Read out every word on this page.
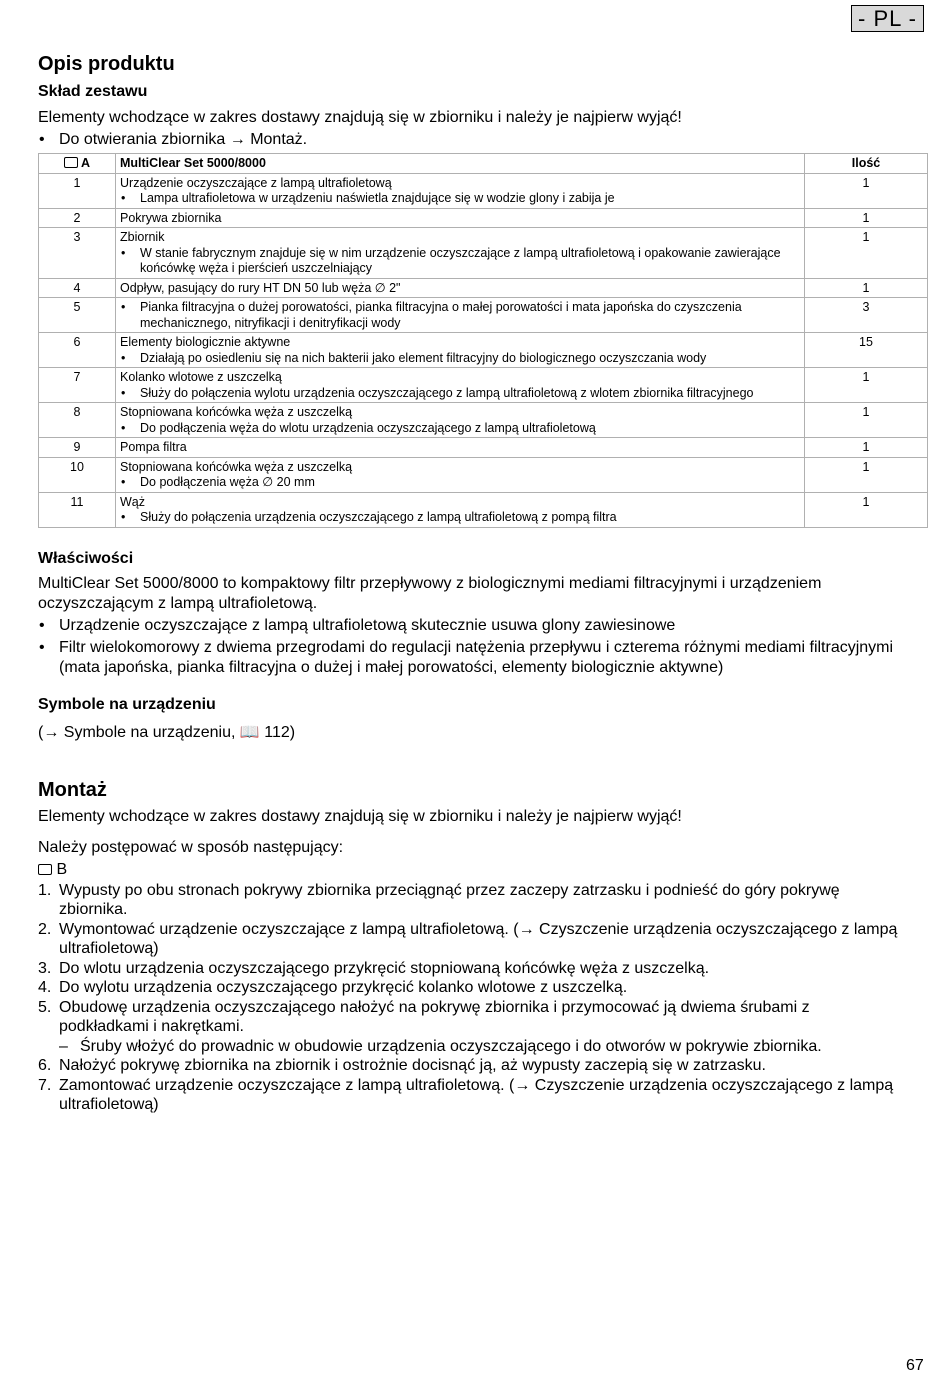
- PL -
Opis produktu
Skład zestawu

Elementy wchodzące w zakres dostawy znajdują się w zbiorniku i należy je najpierw wyjąć!

• Do otwierania zbiornika → Montaż.
A	MultiClear Set 5000/8000	Ilość
1	Urządzenie oczyszczające z lampą ultrafioletową
• Lampa ultrafioletowa w urządzeniu naświetla znajdujące się w wodzie glony i zabija je	1
2	Pokrywa zbiornika	1
3	Zbiornik
• W stanie fabrycznym znajduje się w nim urządzenie oczyszczające z lampą ultrafioletową i opakowanie zawierające końcówkę węża i pierścień uszczelniający	1
4	Odpływ, pasujący do rury HT DN 50 lub węża ∅ 2"	1
5	• Pianka filtracyjna o dużej porowatości, pianka filtracyjna o małej porowatości i mata japońska do czyszczenia mechanicznego, nitryfikacji i denitryfikacji wody	3
6	Elementy biologicznie aktywne
• Działają po osiedleniu się na nich bakterii jako element filtracyjny do biologicznego oczyszczania wody	15
7	Kolanko wlotowe z uszczelką
• Służy do połączenia wylotu urządzenia oczyszczającego z lampą ultrafioletową z wlotem zbiornika filtracyjnego	1
8	Stopniowana końcówka węża z uszczelką
• Do podłączenia węża do wlotu urządzenia oczyszczającego z lampą ultrafioletową	1
9	Pompa filtra	1
10	Stopniowana końcówka węża z uszczelką
• Do podłączenia węża ∅ 20 mm	1
11	Wąż
• Służy do połączenia urządzenia oczyszczającego z lampą ultrafioletową z pompą filtra	1
Właściwości

MultiClear Set 5000/8000 to kompaktowy filtr przepływowy z biologicznymi mediami filtracyjnymi i urządzeniem oczyszczającym z lampą ultrafioletową.

• Urządzenie oczyszczające z lampą ultrafioletową skutecznie usuwa glony zawiesinowe
• Filtr wielokomorowy z dwiema przegrodami do regulacji natężenia przepływu i czterema różnymi mediami filtracyjnymi (mata japońska, pianka filtracyjna o dużej i małej porowatości, elementy biologicznie aktywne)
Symbole na urządzeniu

(→ Symbole na urządzeniu, 📖 112)

Montaż

Elementy wchodzące w zakres dostawy znajdują się w zbiorniku i należy je najpierw wyjąć!

Należy postępować w sposób następujący:

B

1. Wypusty po obu stronach pokrywy zbiornika przeciągnąć przez zaczepy zatrzasku i podnieść do góry pokrywę zbiornika.
2. Wymontować urządzenie oczyszczające z lampą ultrafioletową. (→ Czyszczenie urządzenia oczyszczającego z lampą ultrafioletową)
3. Do wlotu urządzenia oczyszczającego przykręcić stopniowaną końcówkę węża z uszczelką.
4. Do wylotu urządzenia oczyszczającego przykręcić kolanko wlotowe z uszczelką.
5. Obudowę urządzenia oczyszczającego nałożyć na pokrywę zbiornika i przymocować ją dwiema śrubami z podkładkami i nakrętkami.
– Śruby włożyć do prowadnic w obudowie urządzenia oczyszczającego i do otworów w pokrywie zbiornika.
6. Nałożyć pokrywę zbiornika na zbiornik i ostrożnie docisnąć ją, aż wypusty zaczepią się w zatrzasku.
7. Zamontować urządzenie oczyszczające z lampą ultrafioletową. (→ Czyszczenie urządzenia oczyszczającego z lampą ultrafioletową)
67
